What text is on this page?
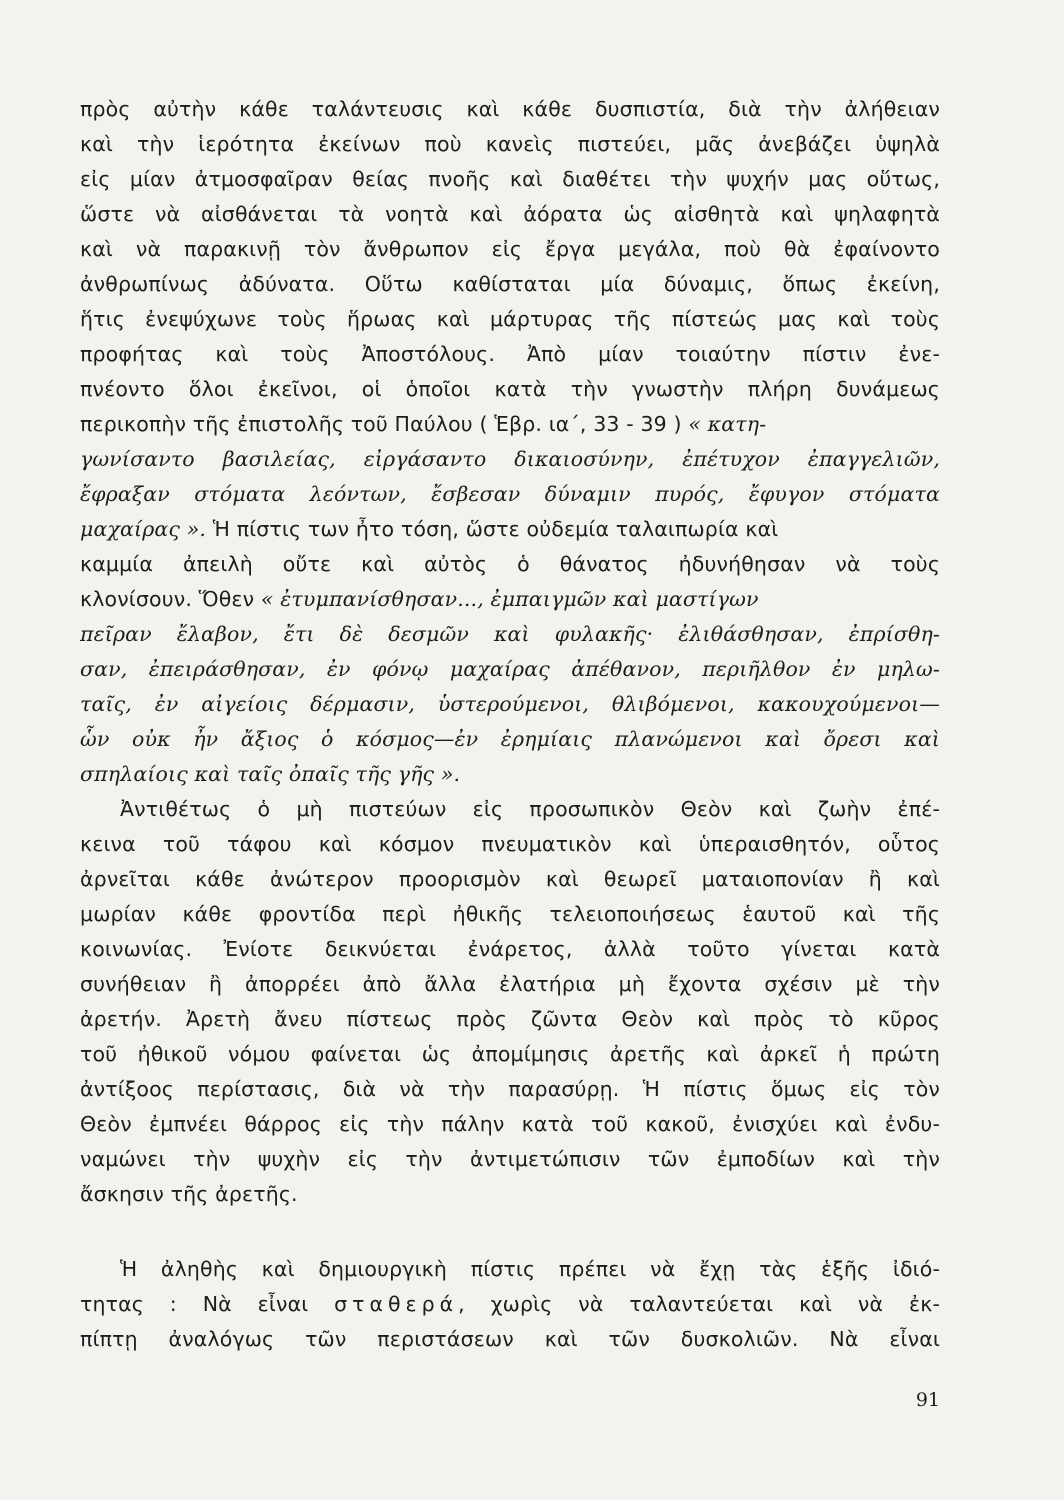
πρὸς αὐτὴν κάθε ταλάντευσις καὶ κάθε δυσπιστία, διὰ τὴν ἀλήθειαν
καὶ τὴν ἱερότητα ἐκείνων ποὺ κανεὶς πιστεύει, μᾶς ἀνεβάζει ὑψηλὰ
εἰς μίαν ἀτμοσφαῖραν θείας πνοῆς καὶ διαθέτει τὴν ψυχήν μας οὕτως,
ὥστε νὰ αἰσθάνεται τὰ νοητὰ καὶ ἀόρατα ὡς αἰσθητὰ καὶ ψηλαφητὰ
καὶ νὰ παρακινῇ τὸν ἄνθρωπον εἰς ἔργα μεγάλα, ποὺ θὰ ἐφαίνοντο
ἀνθρωπίνως ἀδύνατα. Οὕτω καθίσταται μία δύναμις, ὅπως ἐκείνη,
ἥτις ἐνεψύχωνε τοὺς ἥρωας καὶ μάρτυρας τῆς πίστεώς μας καὶ τοὺς
προφήτας καὶ τοὺς Ἀποστόλους. Ἀπὸ μίαν τοιαύτην πίστιν ἐνε-
πνέοντο ὅλοι ἐκεῖνοι, οἱ ὁποῖοι κατὰ τὴν γνωστὴν πλήρη δυνάμεως
περικοπὴν τῆς ἐπιστολῆς τοῦ Παύλου ( Ἑβρ. ια΄, 33 - 39 ) « κατη-
γωνίσαντο βασιλείας, εἰργάσαντο δικαιοσύνην, ἐπέτυχον ἐπαγγελιῶν,
ἔφραξαν στόματα λεόντων, ἔσβεσαν δύναμιν πυρός, ἔφυγον στόματα
μαχαίρας ». Ἡ πίστις των ἦτο τόση, ὥστε οὐδεμία ταλαιπωρία καὶ
καμμία ἀπειλὴ οὔτε καὶ αὐτὸς ὁ θάνατος ἠδυνήθησαν νὰ τοὺς
κλονίσουν. Ὅθεν « ἐτυμπανίσθησαν..., ἐμπαιγμῶν καὶ μαστίγων
πεῖραν ἔλαβον, ἔτι δὲ δεσμῶν καὶ φυλακῆς· ἐλιθάσθησαν, ἐπρίσθη-
σαν, ἐπειράσθησαν, ἐν φόνῳ μαχαίρας ἀπέθανον, περιῆλθον ἐν μηλω-
ταῖς, ἐν αἰγείοις δέρμασιν, ὑστερούμενοι, θλιβόμενοι, κακουχούμενοι—
ὧν οὐκ ἦν ἄξιος ὁ κόσμος—ἐν ἐρημίαις πλανώμενοι καὶ ὄρεσι καὶ
σπηλαίοις καὶ ταῖς ὀπαῖς τῆς γῆς ».
Ἀντιθέτως ὁ μὴ πιστεύων εἰς προσωπικὸν Θεὸν καὶ ζωὴν ἐπέ-
κεινα τοῦ τάφου καὶ κόσμον πνευματικὸν καὶ ὑπεραισθητόν, οὗτος
ἀρνεῖται κάθε ἀνώτερον προορισμὸν καὶ θεωρεῖ ματαιοπονίαν ἢ καὶ
μωρίαν κάθε φροντίδα περὶ ἠθικῆς τελειοποιήσεως ἑαυτοῦ καὶ τῆς
κοινωνίας. Ἐνίοτε δεικνύεται ἐνάρετος, ἀλλὰ τοῦτο γίνεται κατὰ
συνήθειαν ἢ ἀπορρέει ἀπὸ ἄλλα ἐλατήρια μὴ ἔχοντα σχέσιν μὲ τὴν
ἀρετήν. Ἀρετὴ ἄνευ πίστεως πρὸς ζῶντα Θεὸν καὶ πρὸς τὸ κῦρος
τοῦ ἠθικοῦ νόμου φαίνεται ὡς ἀπομίμησις ἀρετῆς καὶ ἀρκεῖ ἡ πρώτη
ἀντίξοος περίστασις, διὰ νὰ τὴν παρασύρῃ. Ἡ πίστις ὅμως εἰς τὸν
Θεὸν ἐμπνέει θάρρος εἰς τὴν πάλην κατὰ τοῦ κακοῦ, ἐνισχύει καὶ ἐνδυ-
ναμώνει τὴν ψυχὴν εἰς τὴν ἀντιμετώπισιν τῶν ἐμποδίων καὶ τὴν
ἄσκησιν τῆς ἀρετῆς.
Ἡ ἀληθὴς καὶ δημιουργικὴ πίστις πρέπει νὰ ἔχῃ τὰς ἑξῆς ἰδιό-
τητας : Νὰ εἶναι σταθερά, χωρὶς νὰ ταλαντεύεται καὶ νὰ ἐκ-
πίπτῃ ἀναλόγως τῶν περιστάσεων καὶ τῶν δυσκολιῶν. Νὰ εἶναι
91
